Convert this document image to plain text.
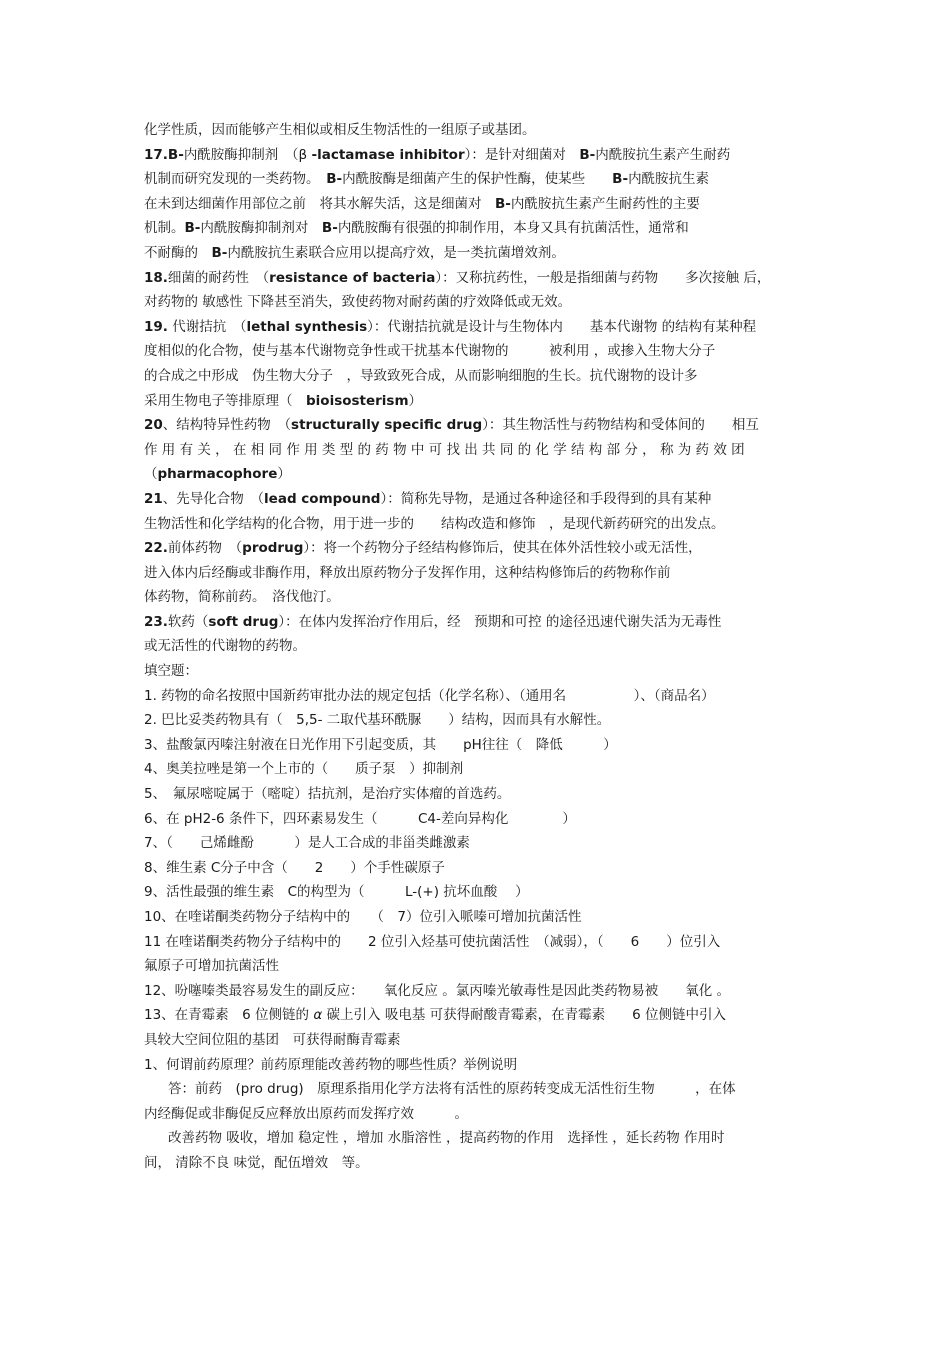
化学性质，因而能够产生相似或相反生物活性的一组原子或基团。

17.B-内酰胺酶抑制剂　（β -lactamase inhibitor）：是针对细菌对　B-内酰胺抗生素产生耐药

机制而研究发现的一类药物。　B-内酰胺酶是细菌产生的保护性酶，使某些　　B-内酰胺抗生素

在未到达细菌作用部位之前　将其水解失活，这是细菌对　B-内酰胺抗生素产生耐药性的主要

机制。B-内酰胺酶抑制剂对　B-内酰胺酶有很强的抑制作用，本身又具有抗菌活性，通常和

不耐酶的　B-内酰胺抗生素联合应用以提高疗效，是一类抗菌增效剂。

18.细菌的耐药性　（resistance of bacteria）：又称抗药性，一般是指细菌与药物　　多次接触 后，

对药物的 敏感性 下降甚至消失，致使药物对耐药菌的疗效降低或无效。

19. 代谢拮抗　（lethal synthesis）：代谢拮抗就是设计与生物体内　　基本代谢物 的结构有某种程

度相似的化合物，使与基本代谢物竞争性或干扰基本代谢物的　　　被利用 ，或掺入生物大分子

的合成之中形成　伪生物大分子　，导致致死合成，从而影响细胞的生长。抗代谢物的设计多

采用生物电子等排原理（　bioisosterism）

20、结构特异性药物　（structurally specific drug）：其生物活性与药物结构和受体间的　　相互

作 用 有 关 ， 在 相 同 作 用 类 型 的 药 物 中 可 找 出 共 同 的 化 学 结 构 部 分 ， 称 为 药 效 团

（pharmacophore）

21、先导化合物　（lead compound）：简称先导物，是通过各种途径和手段得到的具有某种

生物活性和化学结构的化合物，用于进一步的　　结构改造和修饰　，是现代新药研究的出发点。

22.前体药物　（prodrug）：将一个药物分子经结构修饰后，使其在体外活性较小或无活性，

进入体内后经酶或非酶作用，释放出原药物分子发挥作用，这种结构修饰后的药物称作前

体药物，简称前药。　洛伐他汀。

23.软药（soft drug）：在体内发挥治疗作用后，经　预期和可控 的途径迅速代谢失活为无毒性

或无活性的代谢物的药物。

填空题：

1. 药物的命名按照中国新药审批办法的规定包括（化学名称）、（通用名　　　　　）、（商品名）

2. 巴比妥类药物具有（　5,5- 二取代基环酰脲　　）结构，因而具有水解性。

3、盐酸氯丙嗪注射液在日光作用下引起变质，其　　pH往往（　降低　　　）

4、奥美拉唑是第一个上市的（　　质子泵　）抑制剂

5、　氟尿嘧啶属于（嘧啶）拮抗剂，是治疗实体瘤的首选药。

6、在 pH2-6 条件下，四环素易发生（　　　C4-差向异构化　　　　）

7、（　　己烯雌酚　　　）是人工合成的非甾类雌激素

8、维生素 C分子中含（　　2　　）个手性碳原子

9、活性最强的维生素　C的构型为（　　　L-(+) 抗坏血酸　 ）

10、在喹诺酮类药物分子结构中的　　（　7）位引入哌嗪可增加抗菌活性

11 在喹诺酮类药物分子结构中的　　2 位引入烃基可使抗菌活性　（减弱），（　　6　　）位引入

氟原子可增加抗菌活性

12、吩噻嗪类最容易发生的副反应：　　氧化反应 。氯丙嗪光敏毒性是因此类药物易被　　氧化 。

13、在青霉素　6 位侧链的 α 碳上引入 吸电基 可获得耐酸青霉素，在青霉素　　6 位侧链中引入

具较大空间位阻的基团　可获得耐酶青霉素

1、何谓前药原理？前药原理能改善药物的哪些性质？举例说明

答：前药　(pro drug)　原理系指用化学方法将有活性的原药转变成无活性衍生物　　　，在体

内经酶促或非酶促反应释放出原药而发挥疗效　　　。

改善药物 吸收，增加 稳定性 ，增加 水脂溶性 ，提高药物的作用　选择性 ，延长药物 作用时

间， 清除不良 味觉，配伍增效　等。
